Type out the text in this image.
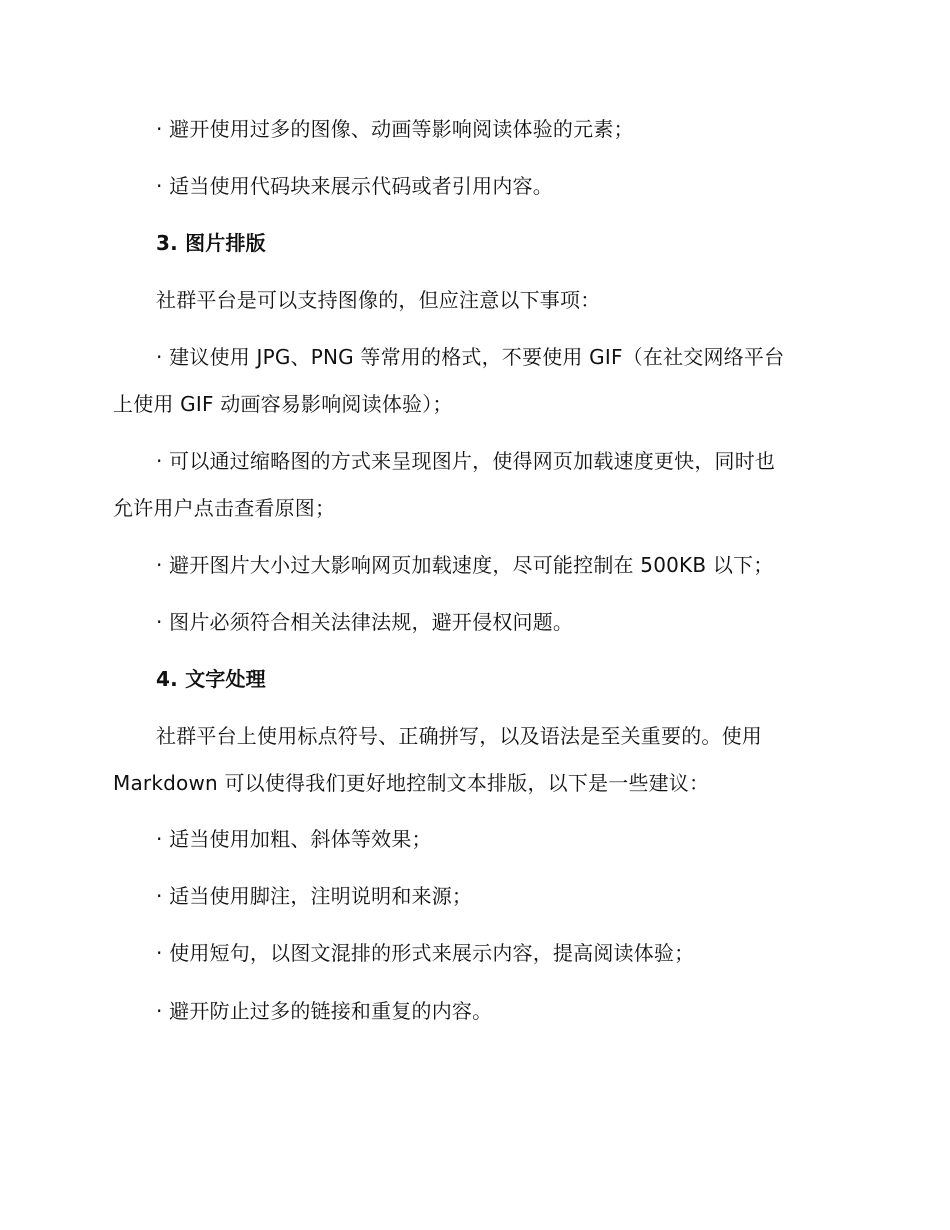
· 避开使用过多的图像、动画等影响阅读体验的元素；

· 适当使用代码块来展示代码或者引用内容。

3. 图片排版

社群平台是可以支持图像的，但应注意以下事项：

· 建议使用 JPG、PNG 等常用的格式，不要使用 GIF（在社交网络平台
上使用 GIF 动画容易影响阅读体验）；

· 可以通过缩略图的方式来呈现图片，使得网页加载速度更快，同时也
允许用户点击查看原图；

· 避开图片大小过大影响网页加载速度，尽可能控制在 500KB 以下；

· 图片必须符合相关法律法规，避开侵权问题。

4. 文字处理

社群平台上使用标点符号、正确拼写，以及语法是至关重要的。使用
Markdown 可以使得我们更好地控制文本排版，以下是一些建议：

· 适当使用加粗、斜体等效果；

· 适当使用脚注，注明说明和来源；

· 使用短句，以图文混排的形式来展示内容，提高阅读体验；

· 避开防止过多的链接和重复的内容。
